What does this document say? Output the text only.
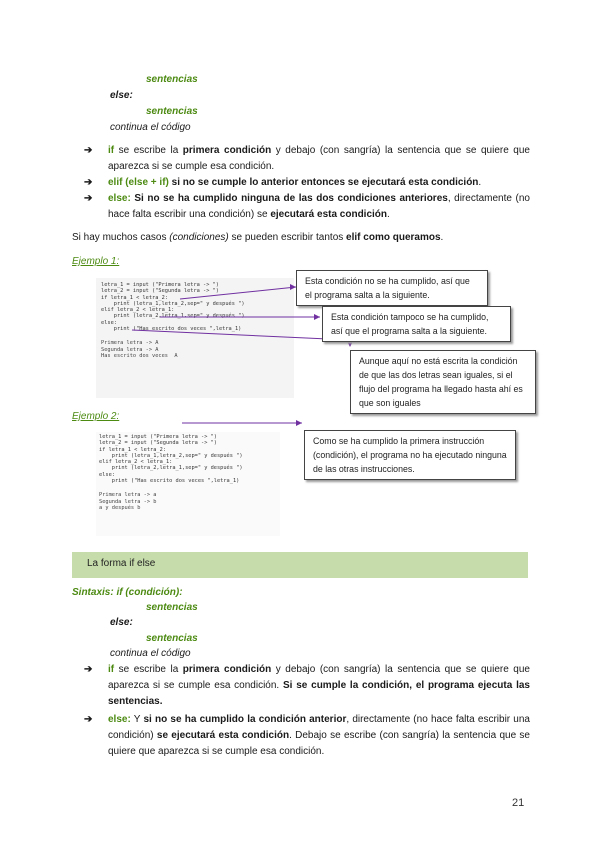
sentencias
else:
sentencias
continua el código
➔ if se escribe la primera condición y debajo (con sangría) la sentencia que se quiere que aparezca si se cumple esa condición.
➔ elif (else + if) si no se cumple lo anterior entonces se ejecutará esta condición.
➔ else: Si no se ha cumplido ninguna de las dos condiciones anteriores, directamente (no hace falta escribir una condición) se ejecutará esta condición.
Si hay muchos casos (condiciones) se pueden escribir tantos elif como queramos.
Ejemplo 1:
letra_1 = input ("Primera letra -> ")
letra_2 = input ("Segunda letra -> ")
if letra_1 < letra_2:
print (letra_1,letra_2,sep=" y después ")
elif letra_2 < letra_1:
print (letra_2,letra_1,sep=" y después ")
else:
print ("Has escrito dos veces ",letra_1)
Primera letra -> A
Segunda letra -> A
Has escrito dos veces  A
Esta condición no se ha cumplido, así que el programa salta a la siguiente.
Esta condición tampoco se ha cumplido, así que el programa salta a la siguiente.
Aunque aquí no está escrita la condición de que las dos letras sean iguales, si el flujo del programa ha llegado hasta ahí es que son iguales
Ejemplo 2:
letra_1 = input ("Primera letra -> ")
letra_2 = input ("Segunda letra -> ")
if letra_1 < letra_2:
print (letra_1,letra_2,sep=" y después ")
elif letra_2 < letra_1:
print (letra_2,letra_1,sep=" y después ")
else:
print ("Has escrito dos veces ",letra_1)
Primera letra -> a
Segunda letra -> b
a y después b
Como se ha cumplido la primera instrucción (condición), el programa no ha ejecutado ninguna de las otras instrucciones.
La forma if else
Sintaxis: if (condición):
sentencias
else:
sentencias
continua el código
➔ if se escribe la primera condición y debajo (con sangría) la sentencia que se quiere que aparezca si se cumple esa condición. Si se cumple la condición, el programa ejecuta las sentencias.
➔ else: Y si no se ha cumplido la condición anterior, directamente (no hace falta escribir una condición) se ejecutará esta condición. Debajo se escribe (con sangría) la sentencia que se quiere que aparezca si se cumple esa condición.
21
